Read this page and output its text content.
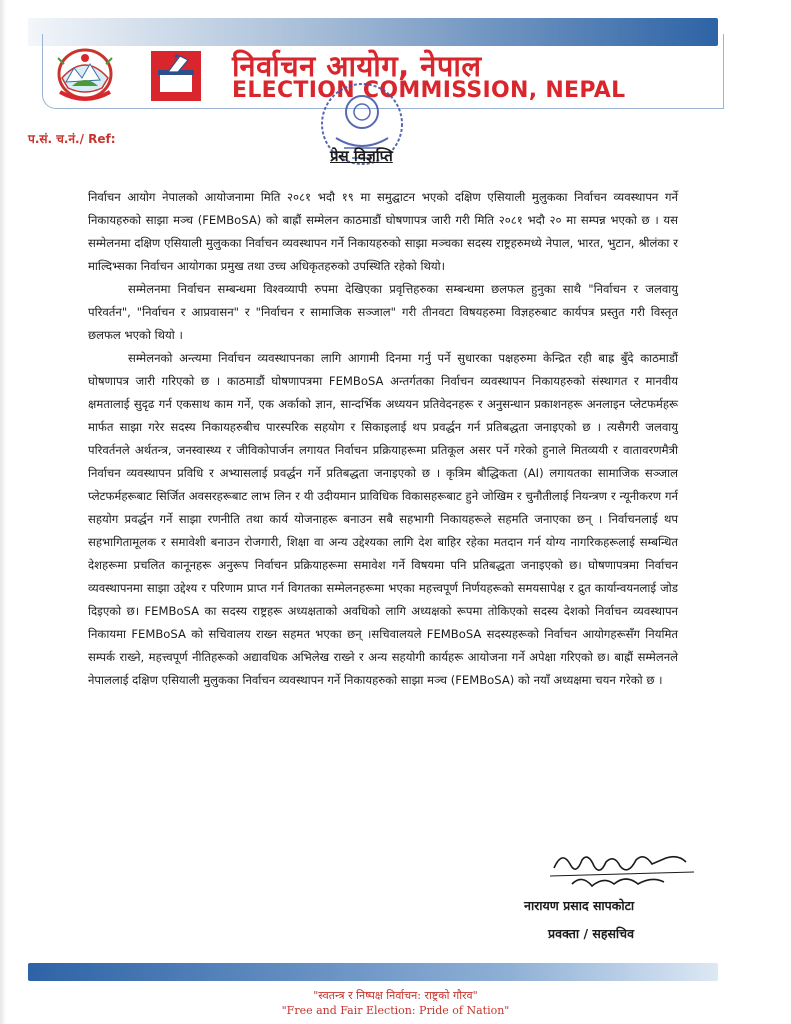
निर्वाचन आयोग, नेपाल
ELECTION COMMISSION, NEPAL
प.सं. च.नं./ Ref:
प्रेस विज्ञप्ति

निर्वाचन आयोग नेपालको आयोजनामा मिति २०८१ भदौ १९ मा समुद्घाटन भएको दक्षिण एसियाली मुलुकका निर्वाचन व्यवस्थापन गर्ने निकायहरुको साझा मञ्च (FEMBoSA) को बाह्रौं सम्मेलन काठमाडौं घोषणापत्र जारी गरी मिति २०८१ भदौ २० मा सम्पन्न भएको छ । यस सम्मेलनमा दक्षिण एसियाली मुलुकका निर्वाचन व्यवस्थापन गर्ने निकायहरुको साझा मञ्चका सदस्य राष्ट्रहरुमध्ये नेपाल, भारत, भुटान, श्रीलंका र माल्दिभ्सका निर्वाचन आयोगका प्रमुख तथा उच्च अधिकृतहरुको उपस्थिति रहेको थियो।

सम्मेलनमा निर्वाचन सम्बन्धमा विश्वव्यापी रुपमा देखिएका प्रवृत्तिहरुका सम्बन्धमा छलफल हुनुका साथै "निर्वाचन र जलवायु परिवर्तन", "निर्वाचन र आप्रवासन" र "निर्वाचन र सामाजिक सञ्जाल" गरी तीनवटा विषयहरुमा विज्ञहरुबाट कार्यपत्र प्रस्तुत गरी विस्तृत छलफल भएको थियो ।

सम्मेलनको अन्त्यमा निर्वाचन व्यवस्थापनका लागि आगामी दिनमा गर्नु पर्ने सुधारका पक्षहरुमा केन्द्रित रही बाह्र बुँदे काठमाडौं घोषणापत्र जारी गरिएको छ । काठमाडौं घोषणापत्रमा FEMBoSA अन्तर्गतका निर्वाचन व्यवस्थापन निकायहरुको संस्थागत र मानवीय क्षमतालाई सुदृढ गर्न एकसाथ काम गर्ने, एक अर्काको ज्ञान, सान्दर्भिक अध्ययन प्रतिवेदनहरू र अनुसन्धान प्रकाशनहरू अनलाइन प्लेटफर्महरू मार्फत साझा गरेर सदस्य निकायहरुबीच पारस्परिक सहयोग र सिकाइलाई थप प्रवर्द्धन गर्न प्रतिबद्धता जनाइएको छ । त्यसैगरी जलवायु परिवर्तनले अर्थतन्त्र, जनस्वास्थ्य र जीविकोपार्जन लगायत निर्वाचन प्रक्रियाहरूमा प्रतिकूल असर पर्ने गरेको हुनाले मितव्ययी र वातावरणमैत्री निर्वाचन व्यवस्थापन प्रविधि र अभ्यासलाई प्रवर्द्धन गर्ने प्रतिबद्धता जनाइएको छ । कृत्रिम बौद्धिकता (AI) लगायतका सामाजिक सञ्जाल प्लेटफर्महरूबाट सिर्जित अवसरहरूबाट लाभ लिन र यी उदीयमान प्राविधिक विकासहरूबाट हुने जोखिम र चुनौतीलाई नियन्त्रण र न्यूनीकरण गर्न सहयोग प्रवर्द्धन गर्ने साझा रणनीति तथा कार्य योजनाहरू बनाउन सबै सहभागी निकायहरूले सहमति जनाएका छन् । निर्वाचनलाई थप सहभागितामूलक र समावेशी बनाउन रोजगारी, शिक्षा वा अन्य उद्देश्यका लागि देश बाहिर रहेका मतदान गर्न योग्य नागरिकहरूलाई सम्बन्धित देशहरूमा प्रचलित कानूनहरू अनुरूप निर्वाचन प्रक्रियाहरूमा समावेश गर्ने विषयमा पनि प्रतिबद्धता जनाइएको छ। घोषणापत्रमा निर्वाचन व्यवस्थापनमा साझा उद्देश्य र परिणाम प्राप्त गर्न विगतका सम्मेलनहरूमा भएका महत्त्वपूर्ण निर्णयहरूको समयसापेक्ष र द्रुत कार्यान्वयनलाई जोड दिइएको छ। FEMBoSA का सदस्य राष्ट्रहरू अध्यक्षताको अवधिको लागि अध्यक्षको रूपमा तोकिएको सदस्य देशको निर्वाचन व्यवस्थापन निकायमा FEMBoSA को सचिवालय राख्न सहमत भएका छन् ।सचिवालयले FEMBoSA सदस्यहरूको निर्वाचन आयोगहरूसँग नियमित सम्पर्क राख्ने, महत्त्वपूर्ण नीतिहरूको अद्यावधिक अभिलेख राख्ने र अन्य सहयोगी कार्यहरू आयोजना गर्ने अपेक्षा गरिएको छ। बाह्रौं सम्मेलनले नेपाललाई दक्षिण एसियाली मुलुकका निर्वाचन व्यवस्थापन गर्ने निकायहरुको साझा मञ्च (FEMBoSA) को नयाँ अध्यक्षमा चयन गरेको छ ।

नारायण प्रसाद सापकोटा
प्रवक्ता / सहसचिव
"स्वतन्त्र र निष्पक्ष निर्वाचन: राष्ट्रको गौरव"
"Free and Fair Election: Pride of Nation"
